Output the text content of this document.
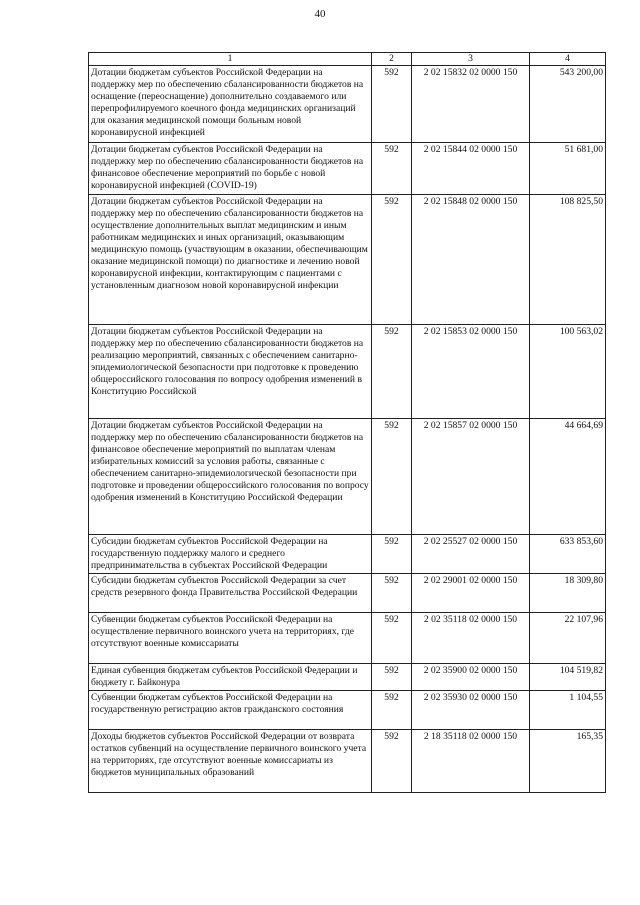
40
1	2	3	4
Дотации бюджетам субъектов Российской Федерации на поддержку мер по обеспечению сбалансированности бюджетов на оснащение (переоснащение) дополнительно создаваемого или перепрофилируемого коечного фонда медицинских организаций для оказания медицинской помощи больным новой коронавирусной инфекцией	592	2 02 15832 02 0000 150	543 200,00
Дотации бюджетам субъектов Российской Федерации на поддержку мер по обеспечению сбалансированности бюджетов на финансовое обеспечение мероприятий по борьбе с новой коронавирусной инфекцией (COVID-19)	592	2 02 15844 02 0000 150	51 681,00
Дотации бюджетам субъектов Российской Федерации на поддержку мер по обеспечению сбалансированности бюджетов на осуществление дополнительных выплат медицинским и иным работникам медицинских и иных организаций, оказывающим медицинскую помощь (участвующим в оказании, обеспечивающим оказание медицинской помощи) по диагностике и лечению новой коронавирусной инфекции, контактирующим с пациентами с установленным диагнозом новой коронавирусной инфекции	592	2 02 15848 02 0000 150	108 825,50
Дотации бюджетам субъектов Российской Федерации на поддержку мер по обеспечению сбалансированности бюджетов на реализацию мероприятий, связанных с обеспечением санитарно-эпидемиологической безопасности при подготовке к проведению общероссийского голосования по вопросу одобрения изменений в Конституцию Российской	592	2 02 15853 02 0000 150	100 563,02
Дотации бюджетам субъектов Российской Федерации на поддержку мер по обеспечению сбалансированности бюджетов на финансовое обеспечение мероприятий по выплатам членам избирательных комиссий за условия работы, связанные с обеспечением санитарно-эпидемиологической безопасности при подготовке и проведении общероссийского голосования по вопросу одобрения изменений в Конституцию Российской Федерации	592	2 02 15857 02 0000 150	44 664,69
Субсидии бюджетам субъектов Российской Федерации на государственную поддержку малого и среднего предпринимательства в субъектах Российской Федерации	592	2 02 25527 02 0000 150	633 853,60
Субсидии бюджетам субъектов Российской Федерации за счет средств резервного фонда Правительства Российской Федерации	592	2 02 29001 02 0000 150	18 309,80
Субвенции бюджетам субъектов Российской Федерации на осуществление первичного воинского учета на территориях, где отсутствуют военные комиссариаты	592	2 02 35118 02 0000 150	22 107,96
Единая субвенция бюджетам субъектов Российской Федерации и бюджету г. Байконура	592	2 02 35900 02 0000 150	104 519,82
Субвенции бюджетам субъектов Российской Федерации на государственную регистрацию актов гражданского состояния	592	2 02 35930 02 0000 150	1 104,55
Доходы бюджетов субъектов Российской Федерации от возврата остатков субвенций на осуществление первичного воинского учета на территориях, где отсутствуют военные комиссариаты из бюджетов муниципальных образований	592	2 18 35118 02 0000 150	165,35
